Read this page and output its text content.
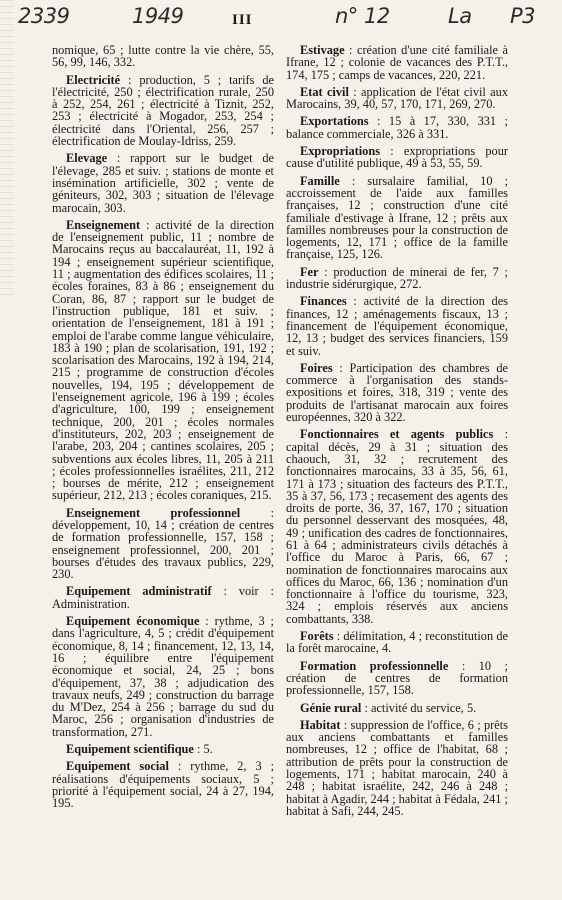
2339	1949	III	n° 12	La P3

nomique, 65 ; lutte contre la vie chère, 55, 56, 99, 146, 332.

Electricité : production, 5 ; tarifs de l'électricité, 250 ; électrification rurale, 250 à 252, 254, 261 ; électricité à Tiznit, 252, 253 ; électricité à Mogador, 253, 254 ; électricité dans l'Oriental, 256, 257 ; électrification de Moulay-Idriss, 259.

Elevage : rapport sur le budget de l'élevage, 285 et suiv. ; stations de monte et insémination artificielle, 302 ; vente de géniteurs, 302, 303 ; situation de l'élevage marocain, 303.

Enseignement : activité de la direction de l'enseignement public, 11 ; nombre de Marocains reçus au baccalauréat, 11, 192 à 194 ; enseignement supérieur scientifique, 11 ; augmentation des édifices scolaires, 11 ; écoles foraines, 83 à 86 ; enseignement du Coran, 86, 87 ; rapport sur le budget de l'instruction publique, 181 et suiv. ; orientation de l'enseignement, 181 à 191 ; emploi de l'arabe comme langue véhiculaire, 183 à 190 ; plan de scolarisation, 191, 192 ; scolarisation des Marocains, 192 à 194, 214, 215 ; programme de construction d'écoles nouvelles, 194, 195 ; développement de l'enseignement agricole, 196 à 199 ; écoles d'agriculture, 100, 199 ; enseignement technique, 200, 201 ; écoles normales d'instituteurs, 202, 203 ; enseignement de l'arabe, 203, 204 ; cantines scolaires, 205 ; subventions aux écoles libres, 11, 205 à 211 ; écoles professionnelles israélites, 211, 212 ; bourses de mérite, 212 ; enseignement supérieur, 212, 213 ; écoles coraniques, 215.

Enseignement professionnel : développement, 10, 14 ; création de centres de formation professionnelle, 157, 158 ; enseignement professionnel, 200, 201 ; bourses d'études des travaux publics, 229, 230.

Equipement administratif : voir : Administration.

Equipement économique : rythme, 3 ; dans l'agriculture, 4, 5 ; crédit d'équipement économique, 8, 14 ; financement, 12, 13, 14, 16 ; équilibre entre l'équipement économique et social, 24, 25 ; bons d'équipement, 37, 38 ; adjudication des travaux neufs, 249 ; construction du barrage du M'Dez, 254 à 256 ; barrage du sud du Maroc, 256 ; organisation d'industries de transformation, 271.

Equipement scientifique : 5.

Equipement social : rythme, 2, 3 ; réalisations d'équipements sociaux, 5 ; priorité à l'équipement social, 24 à 27, 194, 195.

Estivage : création d'une cité familiale à Ifrane, 12 ; colonie de vacances des P.T.T., 174, 175 ; camps de vacances, 220, 221.

Etat civil : application de l'état civil aux Marocains, 39, 40, 57, 170, 171, 269, 270.

Exportations : 15 à 17, 330, 331 ; balance commerciale, 326 à 331.

Expropriations : expropriations pour cause d'utilité publique, 49 à 53, 55, 59.

Famille : sursalaire familial, 10 ; accroissement de l'aide aux familles françaises, 12 ; construction d'une cité familiale d'estivage à Ifrane, 12 ; prêts aux familles nombreuses pour la construction de logements, 12, 171 ; office de la famille française, 125, 126.

Fer : production de minerai de fer, 7 ; industrie sidérurgique, 272.

Finances : activité de la direction des finances, 12 ; aménagements fiscaux, 13 ; financement de l'équipement économique, 12, 13 ; budget des services financiers, 159 et suiv.

Foires : Participation des chambres de commerce à l'organisation des stands-expositions et foires, 318, 319 ; vente des produits de l'artisanat marocain aux foires européennes, 320 à 322.

Fonctionnaires et agents publics : capital décès, 29 à 31 ; situation des chaouch, 31, 32 ; recrutement des fonctionnaires marocains, 33 à 35, 56, 61, 171 à 173 ; situation des facteurs des P.T.T., 35 à 37, 56, 173 ; recasement des agents des droits de porte, 36, 37, 167, 170 ; situation du personnel desservant des mosquées, 48, 49 ; unification des cadres de fonctionnaires, 61 à 64 ; administrateurs civils détachés à l'office du Maroc à Paris, 66, 67 ; nomination de fonctionnaires marocains aux offices du Maroc, 66, 136 ; nomination d'un fonctionnaire à l'office du tourisme, 323, 324 ; emplois réservés aux anciens combattants, 338.

Forêts : délimitation, 4 ; reconstitution de la forêt marocaine, 4.

Formation professionnelle : 10 ; création de centres de formation professionnelle, 157, 158.

Génie rural : activité du service, 5.

Habitat : suppression de l'office, 6 ; prêts aux anciens combattants et familles nombreuses, 12 ; office de l'habitat, 68 ; attribution de prêts pour la construction de logements, 171 ; habitat marocain, 240 à 248 ; habitat israélite, 242, 246 à 248 ; habitat à Agadir, 244 ; habitat à Fédala, 241 ; habitat à Safi, 244, 245.
